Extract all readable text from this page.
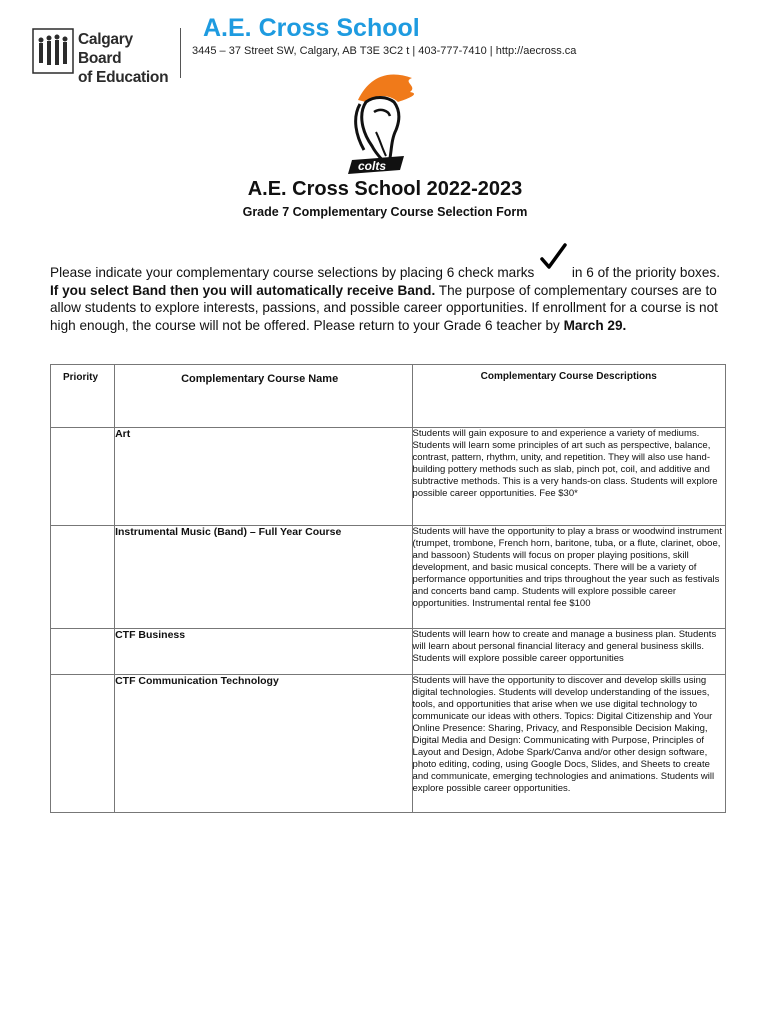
Calgary Board
of Education
A.E. Cross School
3445 – 37 Street SW, Calgary, AB T3E 3C2 t | 403-777-7410 | http://aecross.ca
colts
A.E. Cross School 2022-2023
Grade 7 Complementary Course Selection Form
Please indicate your complementary course selections by placing 6 check marks
in 6 of the priority boxes. If you select Band then you will automatically receive Band. The purpose of complementary courses are to allow students to explore interests, passions, and possible career opportunities. If enrollment for a course is not high enough, the course will not be offered. Please return to your Grade 6 teacher by March 29.
Priority	Complementary Course Name	Complementary Course Descriptions
	Art	Students will gain exposure to and experience a variety of mediums. Students will learn some principles of art such as perspective, balance, contrast, pattern, rhythm, unity, and repetition. They will also use hand-building pottery methods such as slab, pinch pot, coil, and additive and subtractive methods. This is a very hands-on class. Students will explore possible career opportunities. Fee $30*
	Instrumental Music (Band) – Full Year Course	Students will have the opportunity to play a brass or woodwind instrument (trumpet, trombone, French horn, baritone, tuba, or a flute, clarinet, oboe, and bassoon) Students will focus on proper playing positions, skill development, and basic musical concepts. There will be a variety of performance opportunities and trips throughout the year such as festivals and concerts band camp. Students will explore possible career opportunities. Instrumental rental fee $100
	CTF Business	Students will learn how to create and manage a business plan. Students will learn about personal financial literacy and general business skills. Students will explore possible career opportunities
	CTF Communication Technology	Students will have the opportunity to discover and develop skills using digital technologies. Students will develop understanding of the issues, tools, and opportunities that arise when we use digital technology to communicate our ideas with others. Topics: Digital Citizenship and Your Online Presence: Sharing, Privacy, and Responsible Decision Making, Digital Media and Design: Communicating with Purpose, Principles of Layout and Design, Adobe Spark/Canva and/or other design software, photo editing, coding, using Google Docs, Slides, and Sheets to create and communicate, emerging technologies and animations. Students will explore possible career opportunities.
